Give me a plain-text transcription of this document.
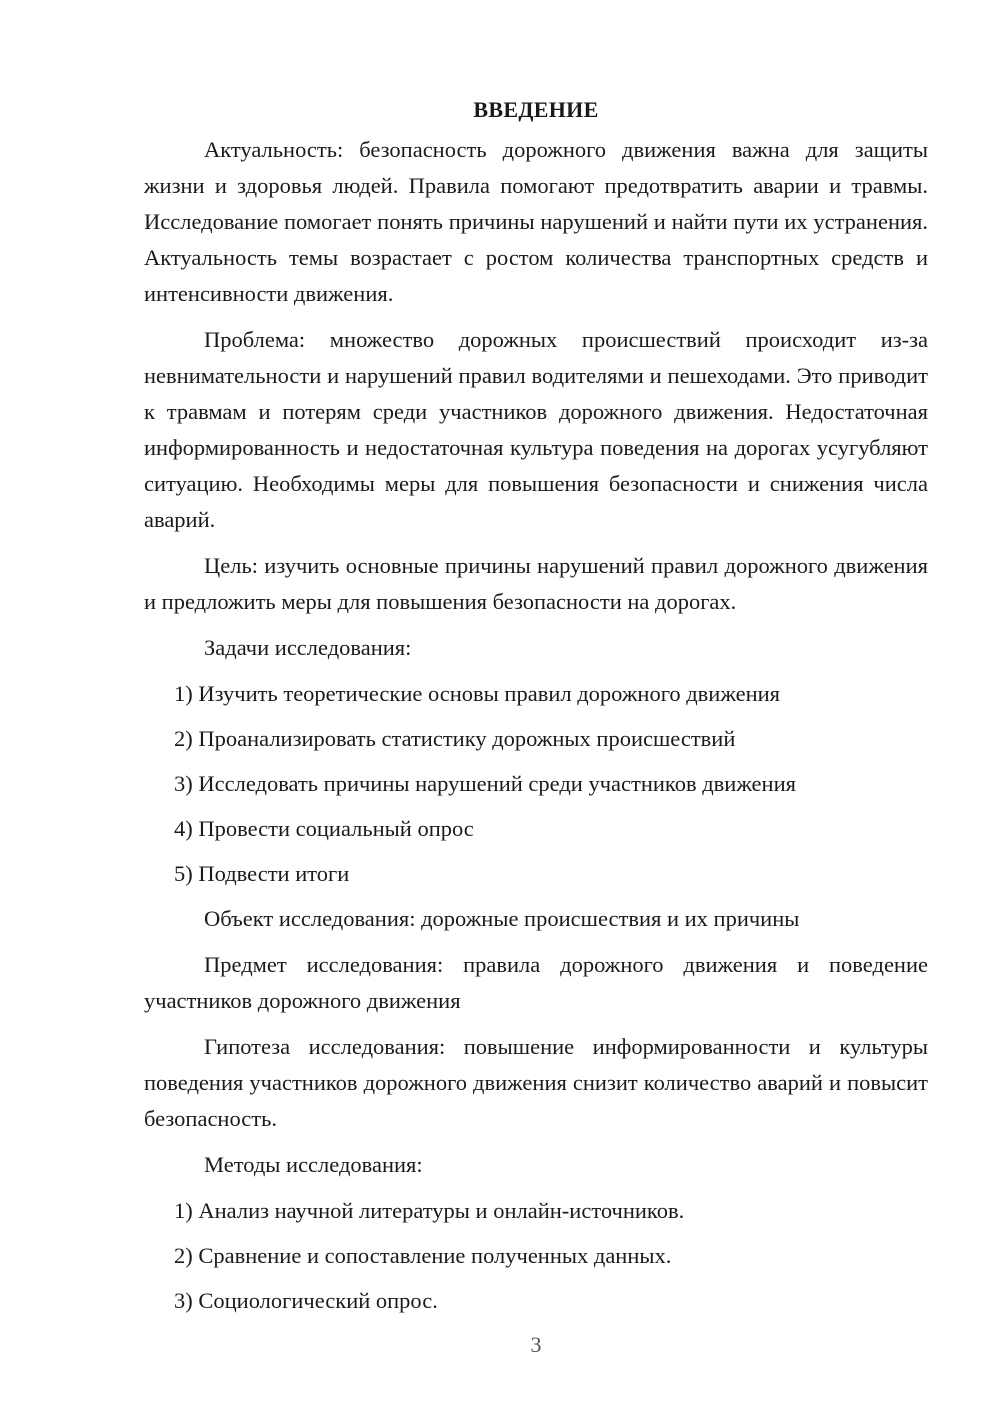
ВВЕДЕНИЕ

Актуальность: безопасность дорожного движения важна для защиты жизни и здоровья людей. Правила помогают предотвратить аварии и травмы. Исследование помогает понять причины нарушений и найти пути их устранения. Актуальность темы возрастает с ростом количества транспортных средств и интенсивности движения.

Проблема: множество дорожных происшествий происходит из-за невнимательности и нарушений правил водителями и пешеходами. Это приводит к травмам и потерям среди участников дорожного движения. Недостаточная информированность и недостаточная культура поведения на дорогах усугубляют ситуацию. Необходимы меры для повышения безопасности и снижения числа аварий.

Цель: изучить основные причины нарушений правил дорожного движения и предложить меры для повышения безопасности на дорогах.

Задачи исследования:

1) Изучить теоретические основы правил дорожного движения

2) Проанализировать статистику дорожных происшествий

3) Исследовать причины нарушений среди участников движения

4) Провести социальный опрос

5) Подвести итоги

Объект исследования: дорожные происшествия и их причины

Предмет исследования: правила дорожного движения и поведение участников дорожного движения

Гипотеза исследования: повышение информированности и культуры поведения участников дорожного движения снизит количество аварий и повысит безопасность.

Методы исследования:

1) Анализ научной литературы и онлайн-источников.

2) Сравнение и сопоставление полученных данных.

3) Социологический опрос.

3
